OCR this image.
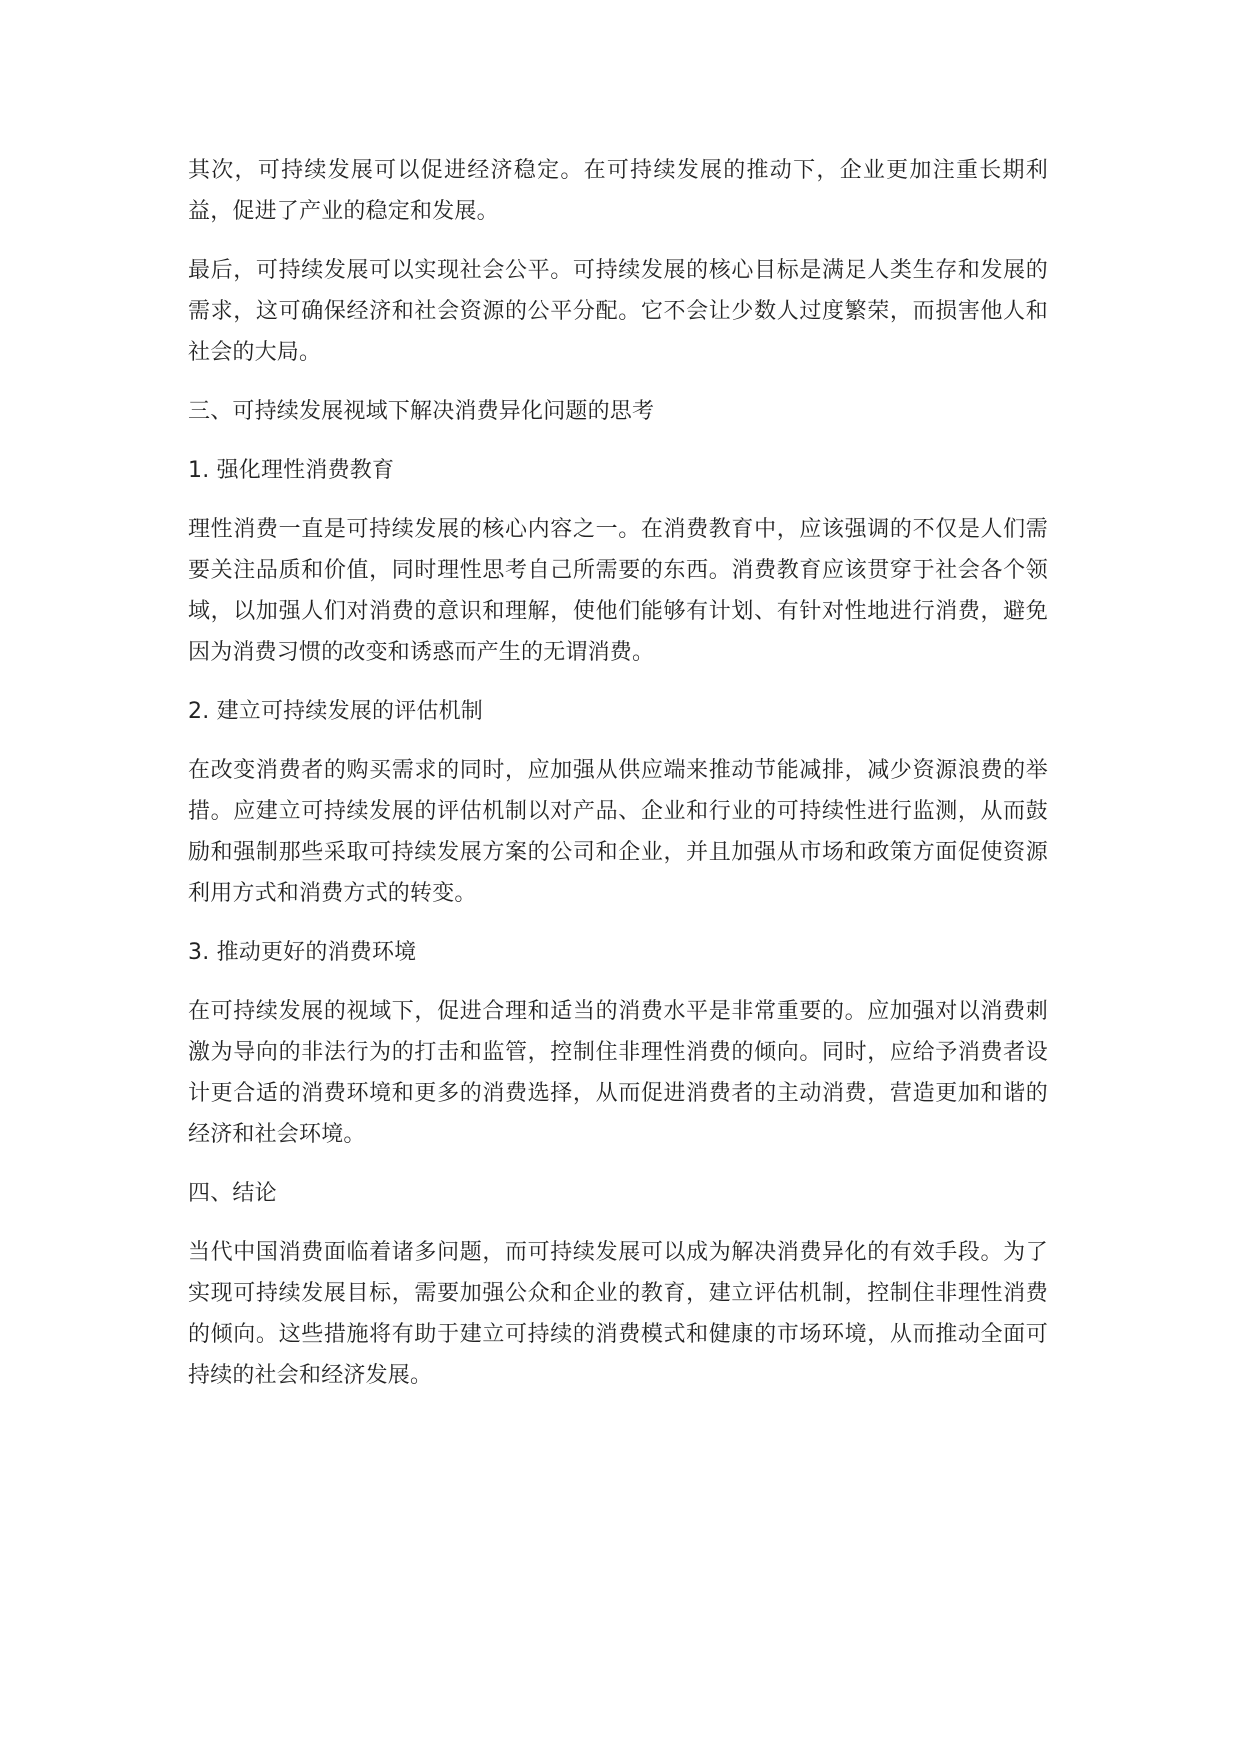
其次，可持续发展可以促进经济稳定。在可持续发展的推动下，企业更加注重长期利益，促进了产业的稳定和发展。

最后，可持续发展可以实现社会公平。可持续发展的核心目标是满足人类生存和发展的需求，这可确保经济和社会资源的公平分配。它不会让少数人过度繁荣，而损害他人和社会的大局。

三、可持续发展视域下解决消费异化问题的思考

1. 强化理性消费教育

理性消费一直是可持续发展的核心内容之一。在消费教育中，应该强调的不仅是人们需要关注品质和价值，同时理性思考自己所需要的东西。消费教育应该贯穿于社会各个领域，以加强人们对消费的意识和理解，使他们能够有计划、有针对性地进行消费，避免因为消费习惯的改变和诱惑而产生的无谓消费。

2. 建立可持续发展的评估机制

在改变消费者的购买需求的同时，应加强从供应端来推动节能减排，减少资源浪费的举措。应建立可持续发展的评估机制以对产品、企业和行业的可持续性进行监测，从而鼓励和强制那些采取可持续发展方案的公司和企业，并且加强从市场和政策方面促使资源利用方式和消费方式的转变。

3. 推动更好的消费环境

在可持续发展的视域下，促进合理和适当的消费水平是非常重要的。应加强对以消费刺激为导向的非法行为的打击和监管，控制住非理性消费的倾向。同时，应给予消费者设计更合适的消费环境和更多的消费选择，从而促进消费者的主动消费，营造更加和谐的经济和社会环境。

四、结论

当代中国消费面临着诸多问题，而可持续发展可以成为解决消费异化的有效手段。为了实现可持续发展目标，需要加强公众和企业的教育，建立评估机制，控制住非理性消费的倾向。这些措施将有助于建立可持续的消费模式和健康的市场环境，从而推动全面可持续的社会和经济发展。
